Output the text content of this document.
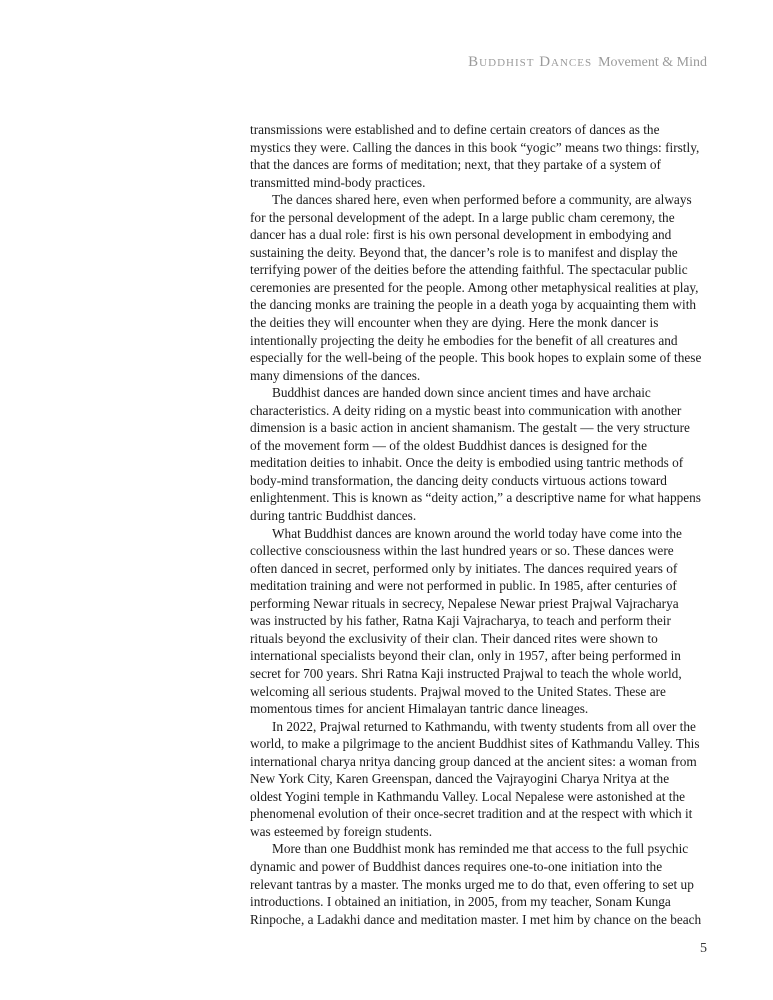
Buddhist Dances Movement & Mind

transmissions were established and to define certain creators of dances as the mystics they were. Calling the dances in this book “yogic” means two things: firstly, that the dances are forms of meditation; next, that they partake of a system of transmitted mind-body practices.

The dances shared here, even when performed before a community, are always for the personal development of the adept. In a large public cham ceremony, the dancer has a dual role: first is his own personal development in embodying and sustaining the deity. Beyond that, the dancer’s role is to manifest and display the terrifying power of the deities before the attending faithful. The spectacular public ceremonies are presented for the people. Among other metaphysical realities at play, the dancing monks are training the people in a death yoga by acquainting them with the deities they will encounter when they are dying. Here the monk dancer is intentionally projecting the deity he embodies for the benefit of all creatures and especially for the well-being of the people. This book hopes to explain some of these many dimensions of the dances.

Buddhist dances are handed down since ancient times and have archaic characteristics. A deity riding on a mystic beast into communication with another dimension is a basic action in ancient shamanism. The gestalt — the very structure of the movement form — of the oldest Buddhist dances is designed for the meditation deities to inhabit. Once the deity is embodied using tantric methods of body-mind transformation, the dancing deity conducts virtuous actions toward enlightenment. This is known as “deity action,” a descriptive name for what happens during tantric Buddhist dances.

What Buddhist dances are known around the world today have come into the collective consciousness within the last hundred years or so. These dances were often danced in secret, performed only by initiates. The dances required years of meditation training and were not performed in public. In 1985, after centuries of performing Newar rituals in secrecy, Nepalese Newar priest Prajwal Vajracharya was instructed by his father, Ratna Kaji Vajracharya, to teach and perform their rituals beyond the exclusivity of their clan. Their danced rites were shown to international specialists beyond their clan, only in 1957, after being performed in secret for 700 years. Shri Ratna Kaji instructed Prajwal to teach the whole world, welcoming all serious students. Prajwal moved to the United States. These are momentous times for ancient Himalayan tantric dance lineages.

In 2022, Prajwal returned to Kathmandu, with twenty students from all over the world, to make a pilgrimage to the ancient Buddhist sites of Kathmandu Valley. This international charya nritya dancing group danced at the ancient sites: a woman from New York City, Karen Greenspan, danced the Vajrayogini Charya Nritya at the oldest Yogini temple in Kathmandu Valley. Local Nepalese were astonished at the phenomenal evolution of their once-secret tradition and at the respect with which it was esteemed by foreign students.

More than one Buddhist monk has reminded me that access to the full psychic dynamic and power of Buddhist dances requires one-to-one initiation into the relevant tantras by a master. The monks urged me to do that, even offering to set up introductions. I obtained an initiation, in 2005, from my teacher, Sonam Kunga Rinpoche, a Ladakhi dance and meditation master. I met him by chance on the beach

5
